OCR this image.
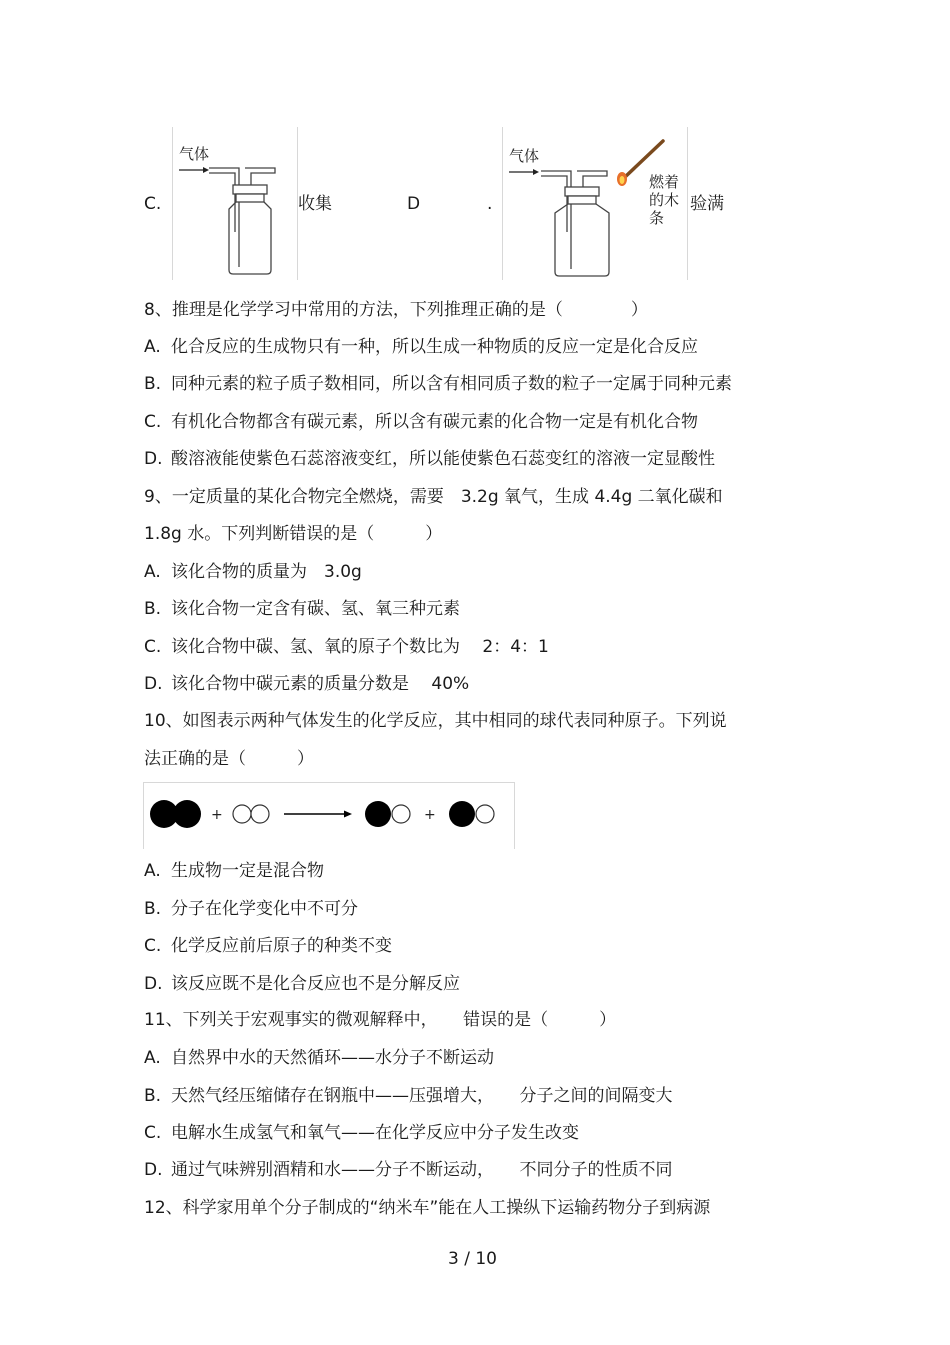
C.
气体
收集	D	.
气体
燃着
的木
条
验满
8、推理是化学学习中常用的方法，下列推理正确的是（　　　　）
A. 化合反应的生成物只有一种，所以生成一种物质的反应一定是化合反应
B. 同种元素的粒子质子数相同，所以含有相同质子数的粒子一定属于同种元素
C. 有机化合物都含有碳元素，所以含有碳元素的化合物一定是有机化合物
D. 酸溶液能使紫色石蕊溶液变红，所以能使紫色石蕊变红的溶液一定显酸性
9、一定质量的某化合物完全燃烧，需要　3.2g 氧气，生成 4.4g 二氧化碳和
1.8g 水。下列判断错误的是（　　　）
A. 该化合物的质量为　3.0g
B. 该化合物一定含有碳、氢、氧三种元素
C. 该化合物中碳、氢、氧的原子个数比为　 2：4：1
D. 该化合物中碳元素的质量分数是　 40%
10、如图表示两种气体发生的化学反应，其中相同的球代表同种原子。下列说
法正确的是（　　　）
+	+
A. 生成物一定是混合物
B. 分子在化学变化中不可分
C. 化学反应前后原子的种类不变
D. 该反应既不是化合反应也不是分解反应
11、下列关于宏观事实的微观解释中，　　错误的是（　　　）
A. 自然界中水的天然循环——水分子不断运动
B. 天然气经压缩储存在钢瓶中——压强增大，　　分子之间的间隔变大
C. 电解水生成氢气和氧气——在化学反应中分子发生改变
D. 通过气味辨别酒精和水——分子不断运动，　　不同分子的性质不同
12、科学家用单个分子制成的“纳米车”能在人工操纵下运输药物分子到病源
3 / 10
